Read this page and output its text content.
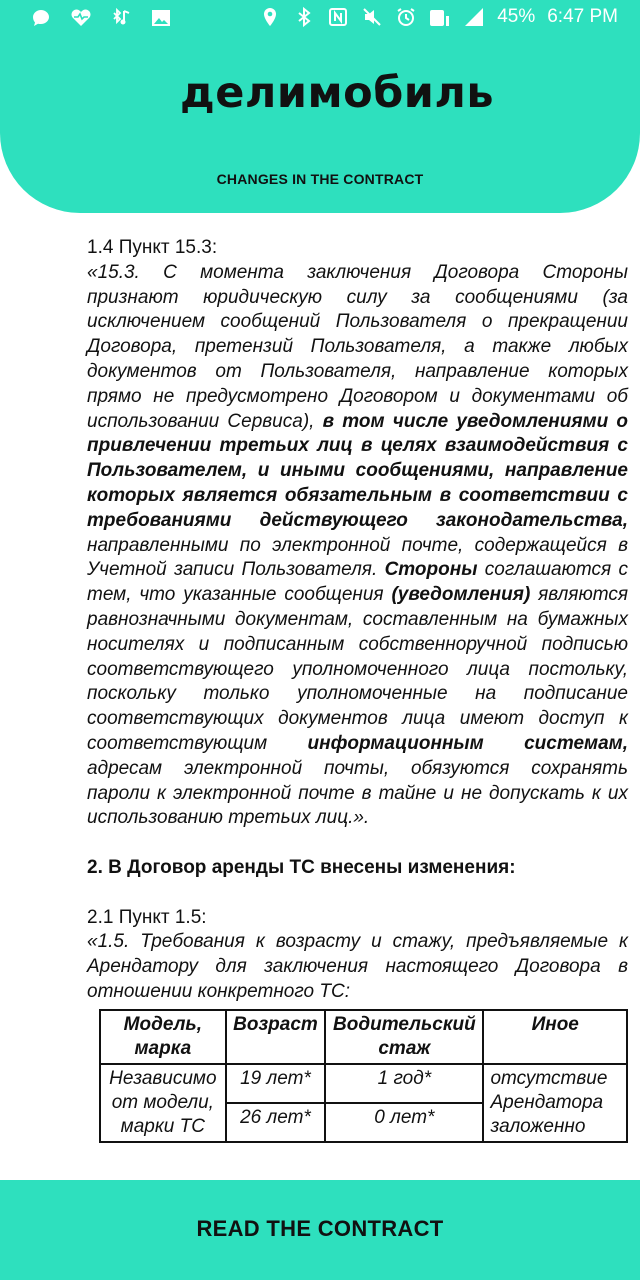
45% 6:47 PM
делимобиль
CHANGES IN THE CONTRACT

1.4 Пункт 15.3:

«15.3. С момента заключения Договора Стороны признают юридическую силу за сообщениями (за исключением сообщений Пользователя о прекращении Договора, претензий Пользователя, а также любых документов от Пользователя, направление которых прямо не предусмотрено Договором и документами об использовании Сервиса), в том числе уведомлениями о привлечении третьих лиц в целях взаимодействия с Пользователем, и иными сообщениями, направление которых является обязательным в соответствии с требованиями действующего законодательства, направленными по электронной почте, содержащейся в Учетной записи Пользователя. Стороны соглашаются с тем, что указанные сообщения (уведомления) являются равнозначными документам, составленным на бумажных носителях и подписанным собственноручной подписью соответствующего уполномоченного лица постольку, поскольку только уполномоченные на подписание соответствующих документов лица имеют доступ к соответствующим информационным системам, адресам электронной почты, обязуются сохранять пароли к электронной почте в тайне и не допускать к их использованию третьих лиц.».

2. В Договор аренды ТС внесены изменения:

2.1 Пункт 1.5:

«1.5. Требования к возрасту и стажу, предъявляемые к Арендатору для заключения настоящего Договора в отношении конкретного ТС:

Модель, марка	Возраст	Водительский стаж	Иное
Независимо от модели, марки ТС	19 лет*	1 год*	отсутствие Арендатора заложенно
	26 лет*	0 лет*	
READ THE CONTRACT
